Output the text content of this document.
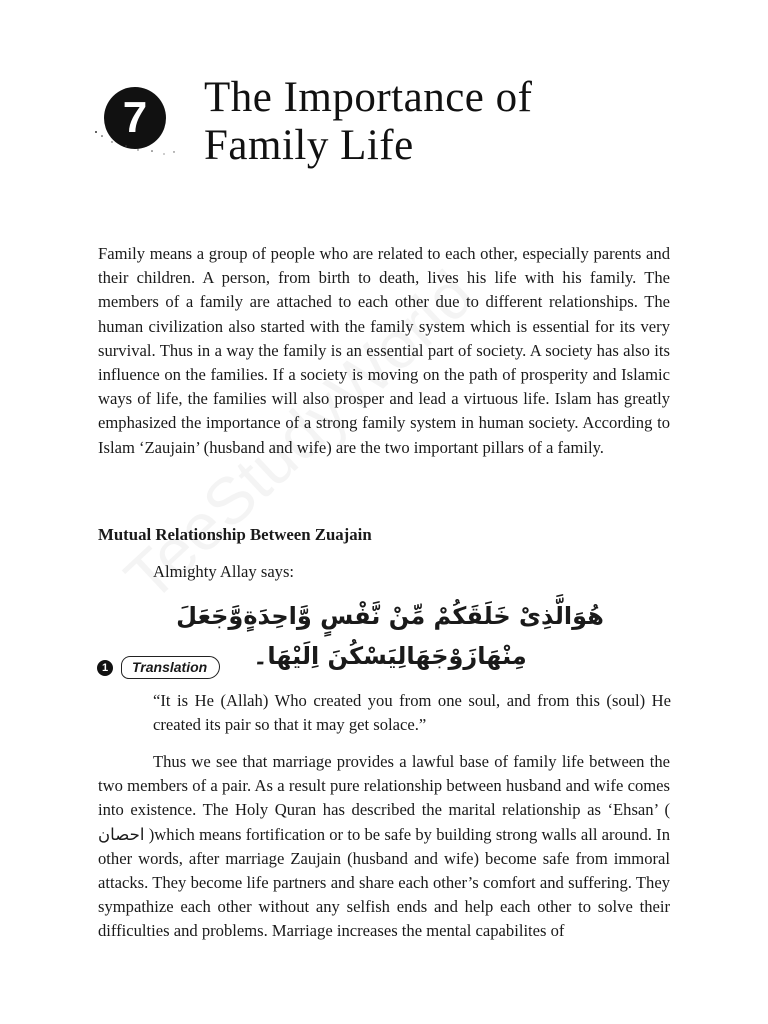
7 The Importance of
Family Life

Family means a group of people who are related to each other, especially parents and their children. A person, from birth to death, lives his life with his family. The members of a family are attached to each other due to different relationships. The human civilization also started with the family system which is essential for its very survival. Thus in a way the family is an essential part of society. A society has also its influence on the families. If a society is moving on the path of prosperity and Islamic ways of life, the families will also prosper and lead a virtuous life. Islam has greatly emphasized the importance of a strong family system in human society. According to Islam ‘Zaujain’ (husband and wife) are the two important pillars of a family.

Mutual Relationship Between Zuajain

Almighty Allay says:

هُوَالَّذِىْ خَلَقَكُمْ مِّنْ نَّفْسٍ وَّاحِدَةٍوَّجَعَلَ مِنْهَازَوْجَهَالِيَسْكُنَ اِلَيْهَا۔

1	Translation

“It is He (Allah) Who created you from one soul, and from this (soul) He created its pair so that it may get solace.”

Thus we see that marriage provides a lawful base of family life between the two members of a pair. As a result pure relationship between husband and wife comes into existence. The Holy Quran has described the marital relationship as ‘Ehsan’ ( احصان )which means fortification or to be safe by building strong walls all around. In other words, after marriage Zaujain (husband and wife) become safe from immoral attacks. They become life partners and share each other’s comfort and suffering. They sympathize each other without any selfish ends and help each other to solve their difficulties and problems. Marriage increases the mental capabilites of
